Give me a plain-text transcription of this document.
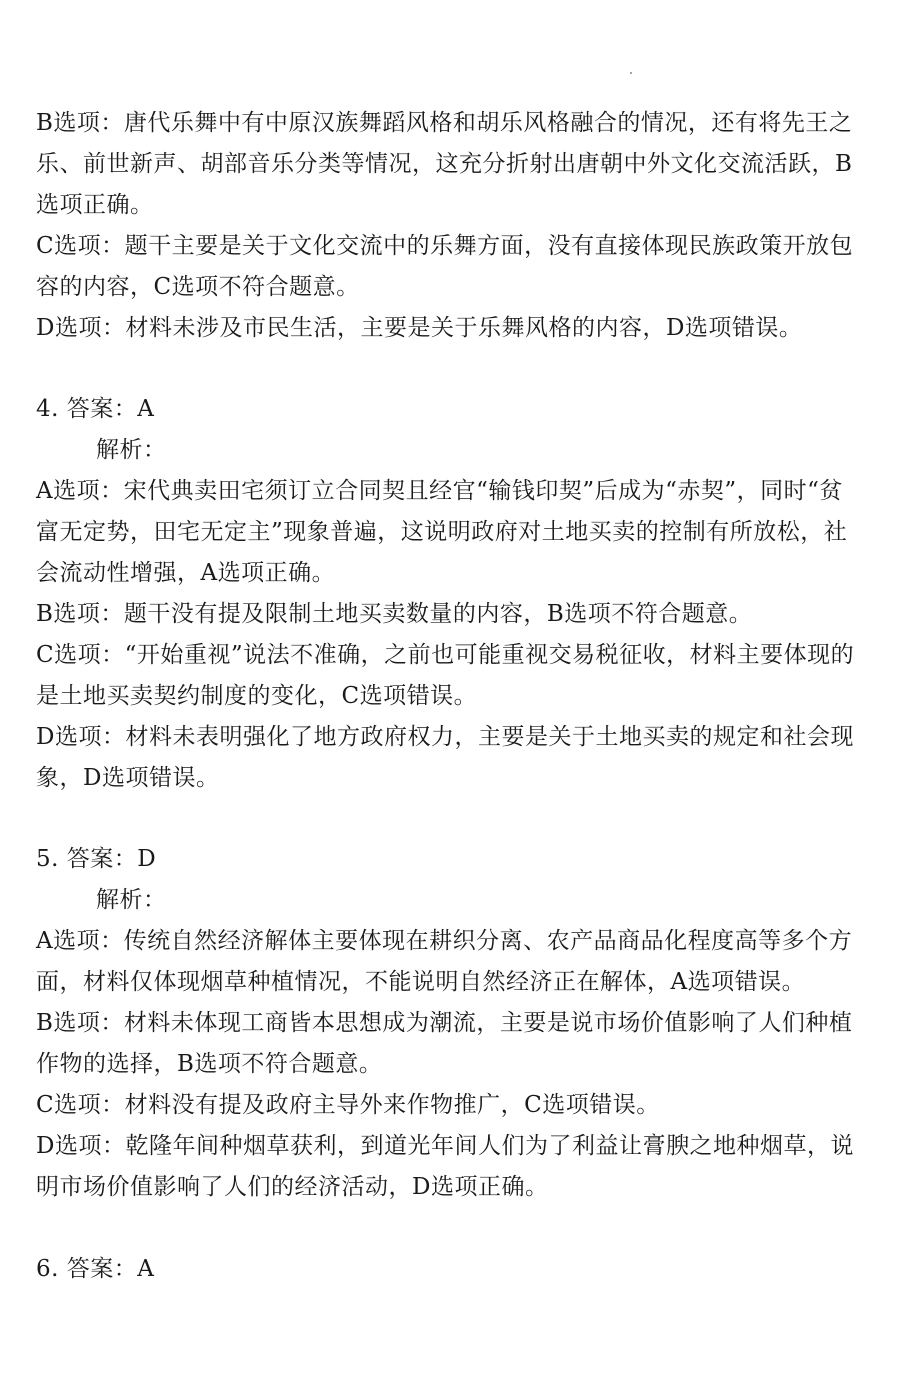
B选项：唐代乐舞中有中原汉族舞蹈风格和胡乐风格融合的情况，还有将先王之乐、前世新声、胡部音乐分类等情况，这充分折射出唐朝中外文化交流活跃，B选项正确。

C选项：题干主要是关于文化交流中的乐舞方面，没有直接体现民族政策开放包容的内容，C选项不符合题意。

D选项：材料未涉及市民生活，主要是关于乐舞风格的内容，D选项错误。

4. 答案：A

解析：

A选项：宋代典卖田宅须订立合同契且经官“输钱印契”后成为“赤契”，同时“贫富无定势，田宅无定主”现象普遍，这说明政府对土地买卖的控制有所放松，社会流动性增强，A选项正确。

B选项：题干没有提及限制土地买卖数量的内容，B选项不符合题意。

C选项：“开始重视”说法不准确，之前也可能重视交易税征收，材料主要体现的是土地买卖契约制度的变化，C选项错误。

D选项：材料未表明强化了地方政府权力，主要是关于土地买卖的规定和社会现象，D选项错误。

5. 答案：D

解析：

A选项：传统自然经济解体主要体现在耕织分离、农产品商品化程度高等多个方面，材料仅体现烟草种植情况，不能说明自然经济正在解体，A选项错误。

B选项：材料未体现工商皆本思想成为潮流，主要是说市场价值影响了人们种植作物的选择，B选项不符合题意。

C选项：材料没有提及政府主导外来作物推广，C选项错误。

D选项：乾隆年间种烟草获利，到道光年间人们为了利益让膏腴之地种烟草，说明市场价值影响了人们的经济活动，D选项正确。

6. 答案：A
